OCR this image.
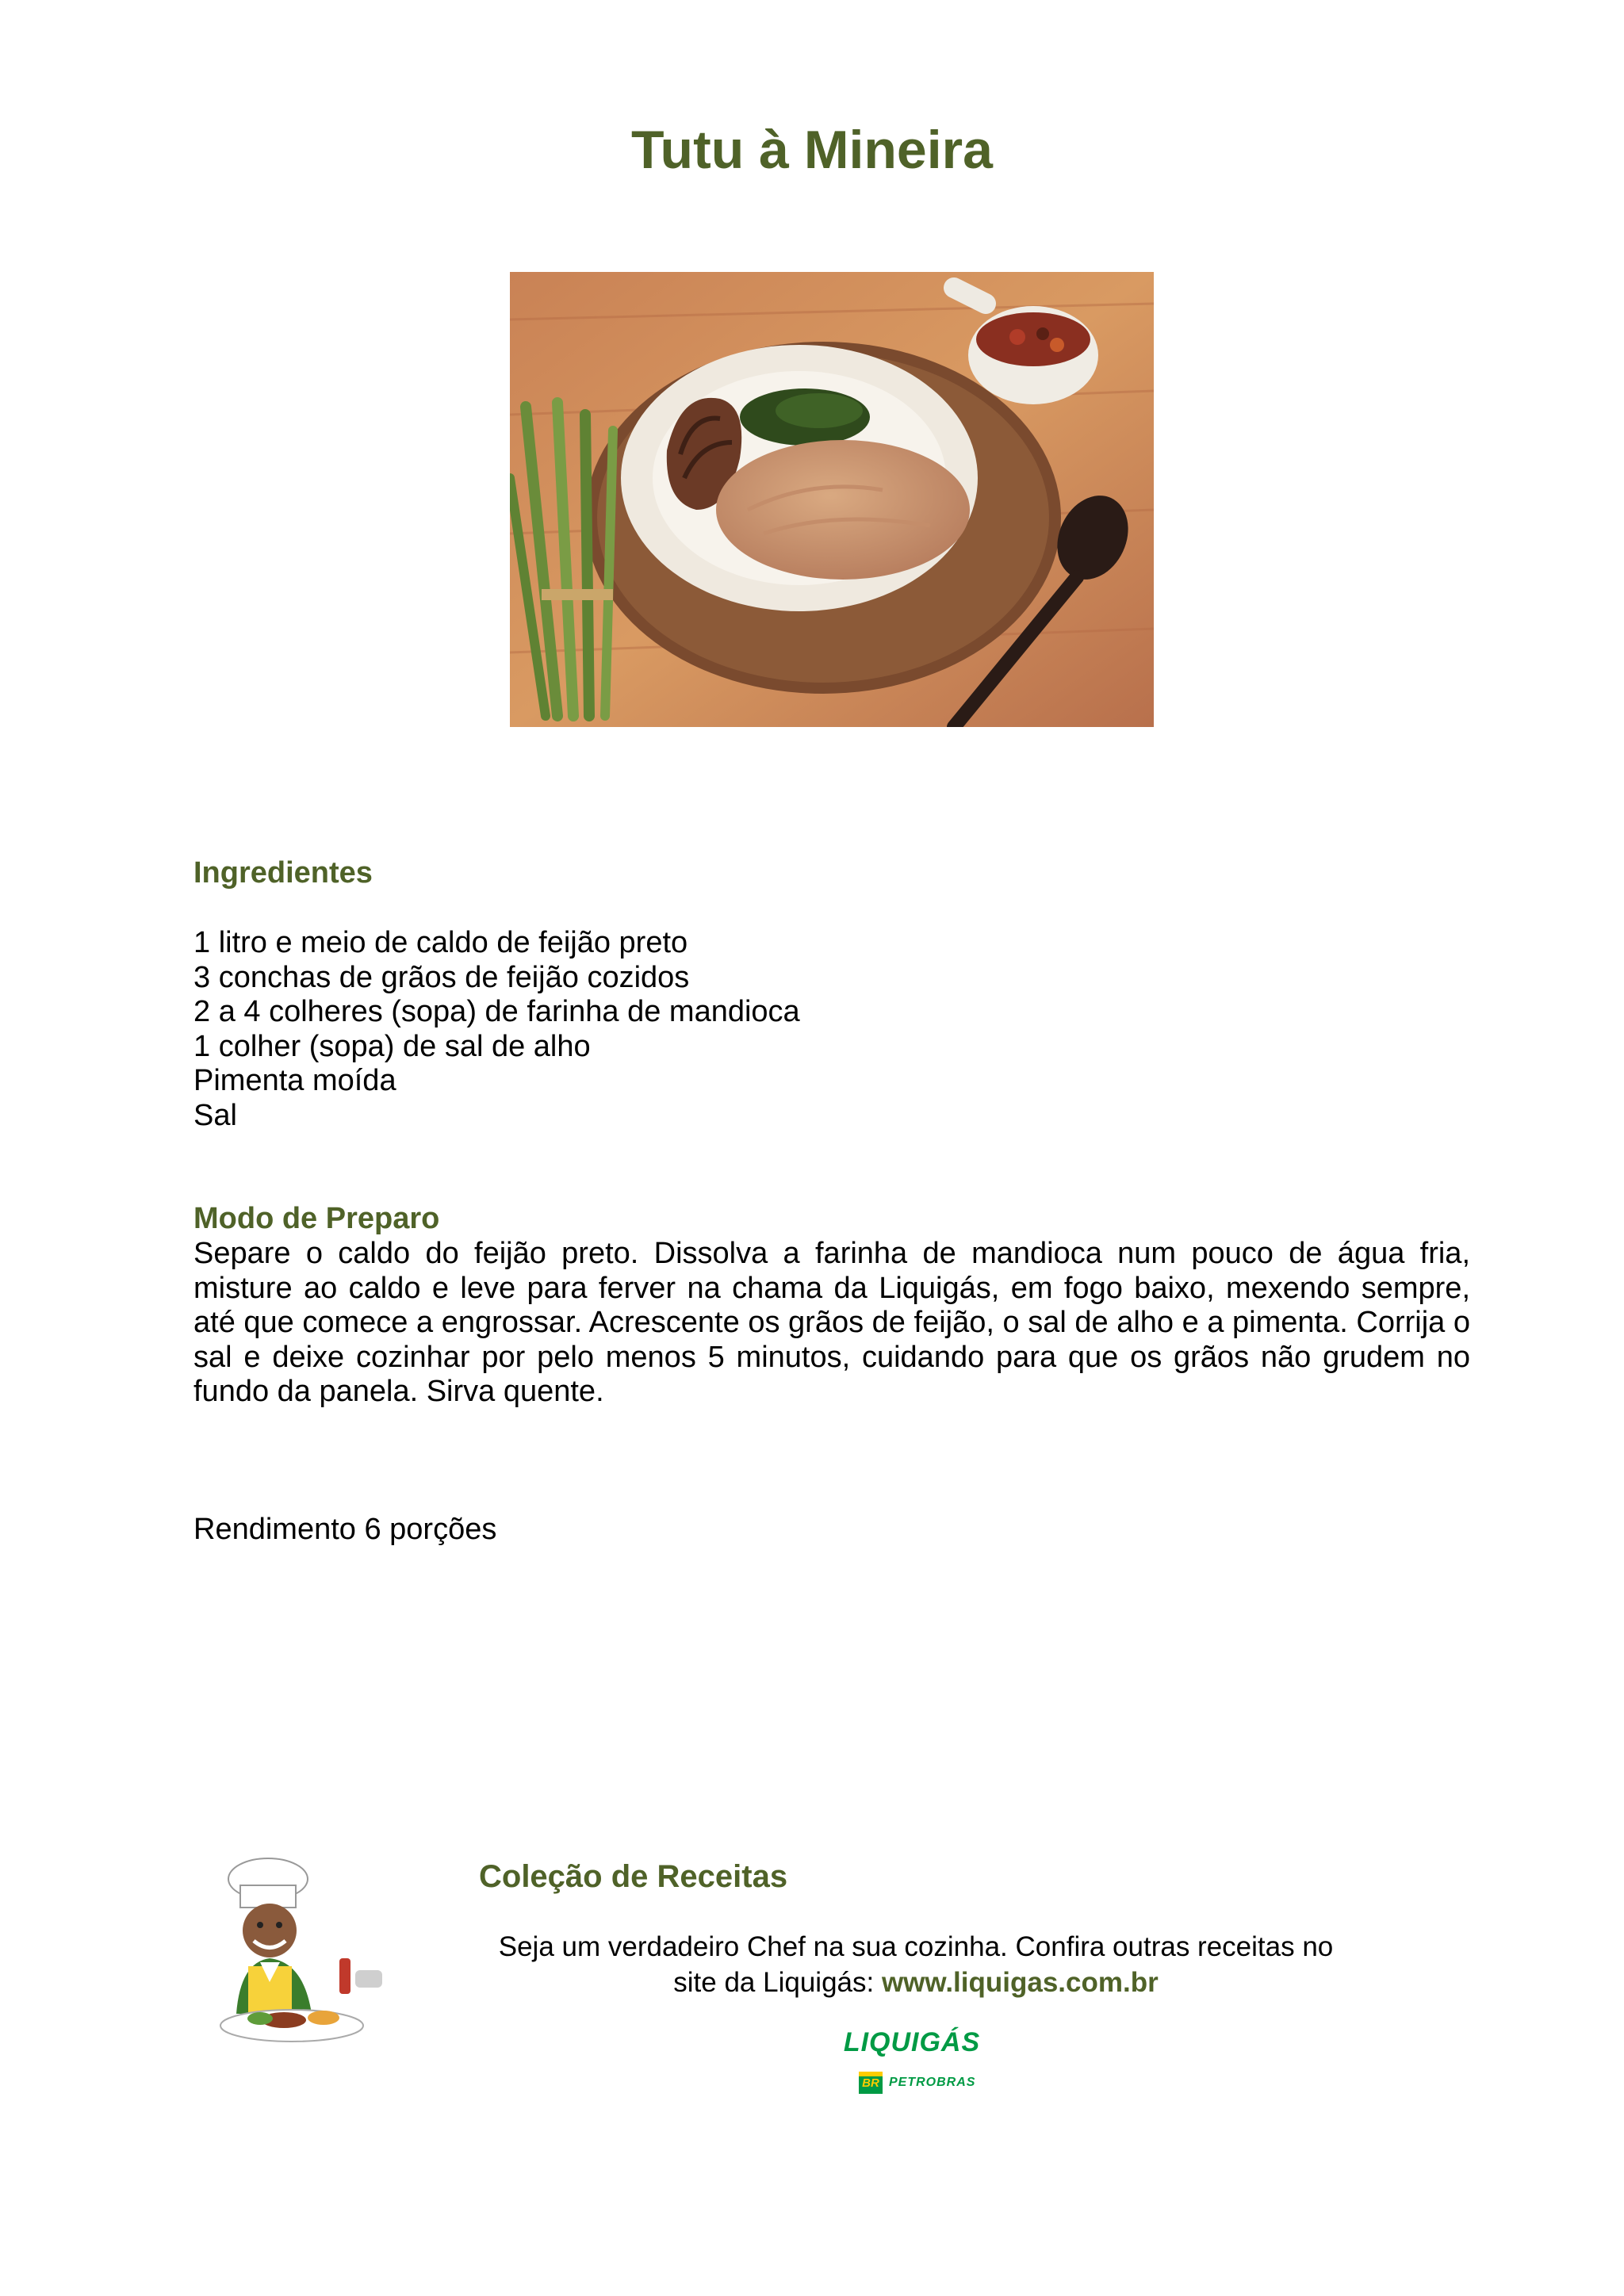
Tutu à Mineira
Ingredientes
1 litro e meio de caldo de feijão preto
3 conchas de grãos de feijão cozidos
2 a 4 colheres (sopa) de farinha de mandioca
1 colher (sopa) de sal de alho
Pimenta moída
Sal
Modo de Preparo

Separe o caldo do feijão preto. Dissolva a farinha de mandioca num pouco de água fria, misture ao caldo e leve para ferver na chama da Liquigás, em fogo baixo, mexendo sempre, até que comece a engrossar. Acrescente os grãos de feijão, o sal de alho e a pimenta. Corrija o sal e deixe cozinhar por pelo menos 5 minutos, cuidando para que os grãos não grudem no fundo da panela. Sirva quente.

Rendimento 6 porções

Coleção de Receitas

Seja um verdadeiro Chef na sua cozinha. Confira outras receitas no
site da Liquigás: www.liquigas.com.br

LIQUIGÁS

BR PETROBRAS
